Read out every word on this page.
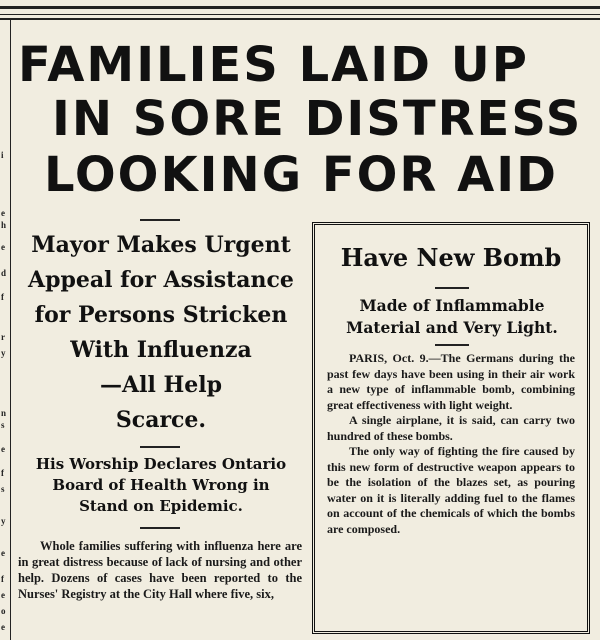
i
e
h
e
d
f
r
y
n
s
e
f
s
y
e
f
e
o
e
FAMILIES LAID UP
IN SORE DISTRESS
LOOKING FOR AID
Mayor Makes Urgent
Appeal for Assistance
for Persons Stricken
With Influenza
—All Help
Scarce.
His Worship Declares Ontario
Board of Health Wrong in
Stand on Epidemic.

Whole families suffering with influenza here are in great distress because of lack of nursing and other help. Dozens of cases have been reported to the Nurses' Registry at the City Hall where five, six,

Have New Bomb
Made of Inflammable Material and Very Light.

PARIS, Oct. 9.—The Germans during the past few days have been using in their air work a new type of inflammable bomb, combining great effectiveness with light weight.

A single airplane, it is said, can carry two hundred of these bombs.

The only way of fighting the fire caused by this new form of destructive weapon appears to be the isolation of the blazes set, as pouring water on it is literally adding fuel to the flames on account of the chemicals of which the bombs are composed.
